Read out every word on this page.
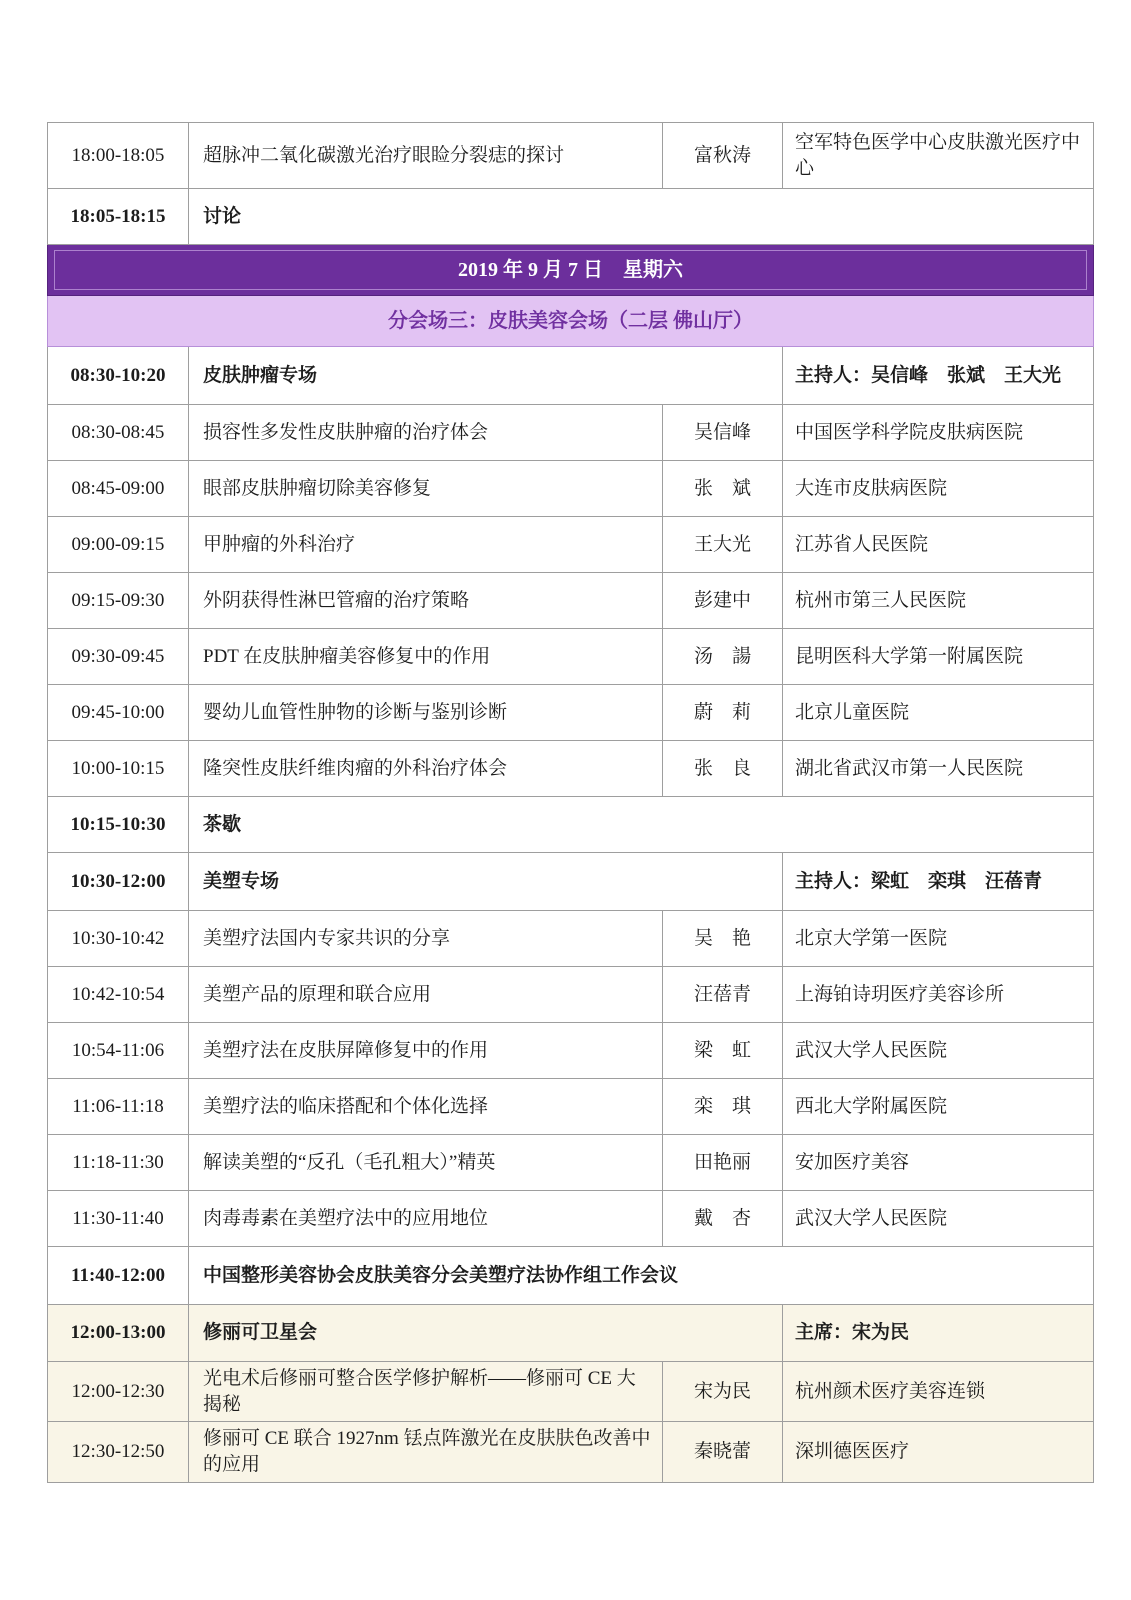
18:00-18:05	超脉冲二氧化碳激光治疗眼睑分裂痣的探讨	富秋涛	空军特色医学中心皮肤激光医疗中心
18:05-18:15	讨论		

2019 年 9 月 7 日　星期六			

分会场三：皮肤美容会场（二层 佛山厅）			
08:30-10:20	皮肤肿瘤专场		主持人：吴信峰　张斌　王大光
08:30-08:45	损容性多发性皮肤肿瘤的治疗体会	吴信峰	中国医学科学院皮肤病医院
08:45-09:00	眼部皮肤肿瘤切除美容修复	张　斌	大连市皮肤病医院
09:00-09:15	甲肿瘤的外科治疗	王大光	江苏省人民医院
09:15-09:30	外阴获得性淋巴管瘤的治疗策略	彭建中	杭州市第三人民医院
09:30-09:45	PDT 在皮肤肿瘤美容修复中的作用	汤　諹	昆明医科大学第一附属医院
09:45-10:00	婴幼儿血管性肿物的诊断与鉴别诊断	蔚　莉	北京儿童医院
10:00-10:15	隆突性皮肤纤维肉瘤的外科治疗体会	张　良	湖北省武汉市第一人民医院
10:15-10:30	茶歇		
10:30-12:00	美塑专场		主持人：梁虹　栾琪　汪蓓青
10:30-10:42	美塑疗法国内专家共识的分享	吴　艳	北京大学第一医院
10:42-10:54	美塑产品的原理和联合应用	汪蓓青	上海铂诗玥医疗美容诊所
10:54-11:06	美塑疗法在皮肤屏障修复中的作用	梁　虹	武汉大学人民医院
11:06-11:18	美塑疗法的临床搭配和个体化选择	栾　琪	西北大学附属医院
11:18-11:30	解读美塑的“反孔（毛孔粗大）”精英	田艳丽	安加医疗美容
11:30-11:40	肉毒毒素在美塑疗法中的应用地位	戴　杏	武汉大学人民医院
11:40-12:00	中国整形美容协会皮肤美容分会美塑疗法协作组工作会议		
12:00-13:00	修丽可卫星会		主席：宋为民
12:00-12:30	光电术后修丽可整合医学修护解析——修丽可 CE 大揭秘	宋为民	杭州颜术医疗美容连锁
12:30-12:50	修丽可 CE 联合 1927nm 铥点阵激光在皮肤肤色改善中的应用	秦晓蕾	深圳德医医疗
